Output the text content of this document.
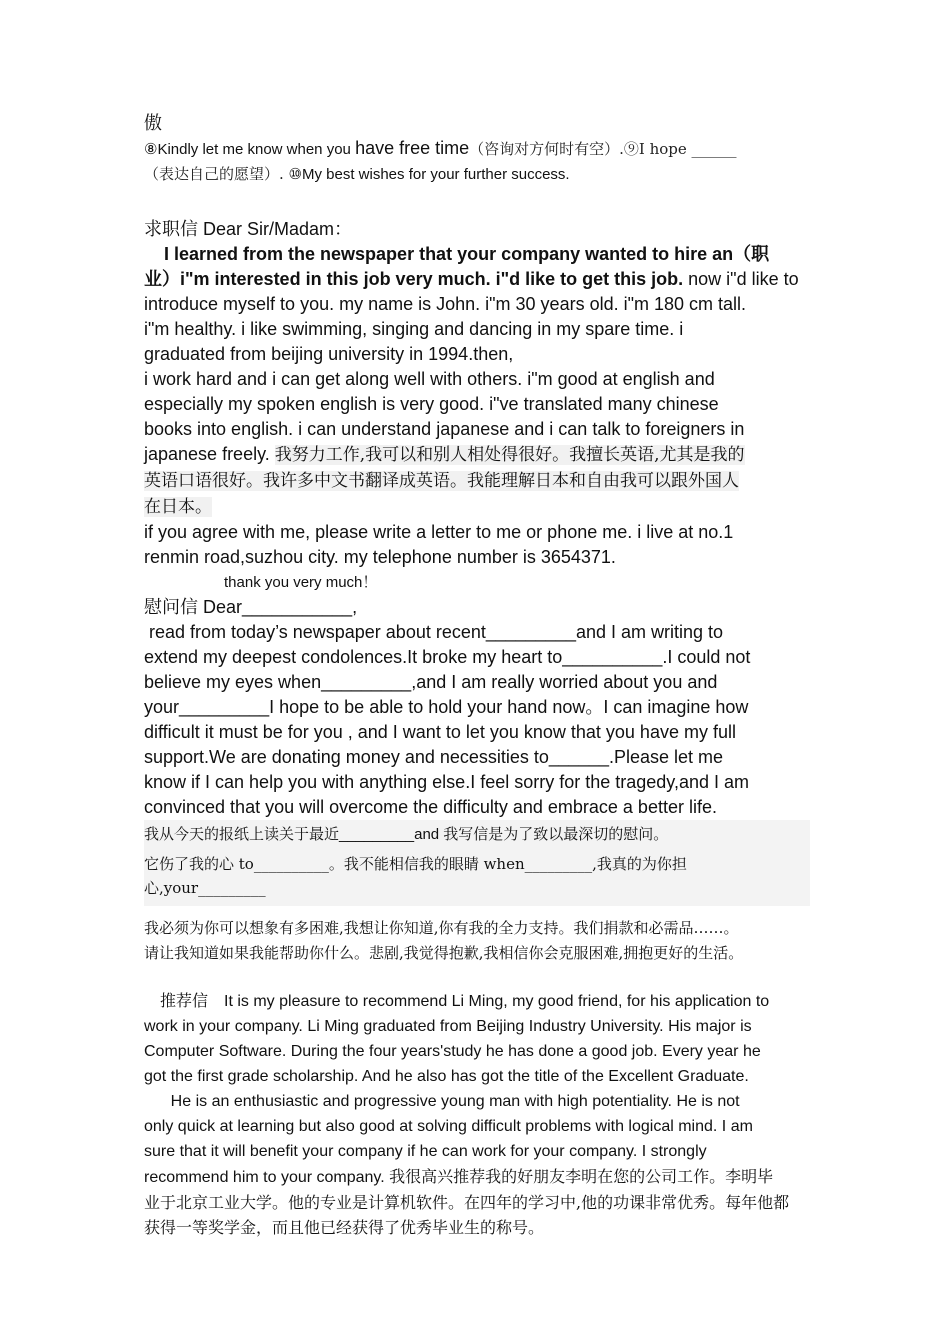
傲
⑧Kindly let me know when you have free time（咨询对方何时有空）.⑨I hope ______
（表达自己的愿望）. ⑩My best wishes for your further success.
求职信 Dear Sir/Madam：
I learned from the newspaper that your company wanted to hire an（职
业）i"m interested in this job very much. i"d like to get this job. now i"d like to
introduce myself to you. my name is John. i"m 30 years old. i"m 180 cm tall.
i"m healthy. i like swimming, singing and dancing in my spare time. i
graduated from beijing university in 1994.then,
i work hard and i can get along well with others. i"m good at english and
especially my spoken english is very good. i"ve translated many chinese
books into english. i can understand japanese and i can talk to foreigners in
japanese freely. 我努力工作,我可以和别人相处得很好。我擅长英语,尤其是我的
英语口语很好。我许多中文书翻译成英语。我能理解日本和自由我可以跟外国人
在日本。
if you agree with me, please write a letter to me or phone me. i live at no.1
renmin road,suzhou city. my telephone number is 3654371.
thank you very much！
慰问信 Dear___________,
read from today’s newspaper about recent_________and I am writing to
extend my deepest condolences.It broke my heart to__________.I could not
believe my eyes when_________,and I am really worried about you and
your_________I hope to be able to hold your hand now。I can imagine how
difficult it must be for you , and I want to let you know that you have my full
support.We are donating money and necessities to______.Please let me
know if I can help you with anything else.I feel sorry for the tragedy,and I am
convinced that you will overcome the difficulty and embrace a better life.
我从今天的报纸上读关于最近_________and 我写信是为了致以最深切的慰问。
它伤了我的心 to__________。我不能相信我的眼睛 when_________,我真的为你担
心,your_________
我必须为你可以想象有多困难,我想让你知道,你有我的全力支持。我们捐款和必需品……。
请让我知道如果我能帮助你什么。悲剧,我觉得抱歉,我相信你会克服困难,拥抱更好的生活。
推荐信 It is my pleasure to recommend Li Ming, my good friend, for his application to
work in your company. Li Ming graduated from Beijing Industry University. His major is
Computer Software. During the four years'study he has done a good job. Every year he
got the first grade scholarship. And he also has got the title of the Excellent Graduate.
He is an enthusiastic and progressive young man with high potentiality. He is not
only quick at learning but also good at solving difficult problems with logical mind. I am
sure that it will benefit your company if he can work for your company. I strongly
recommend him to your company. 我很高兴推荐我的好朋友李明在您的公司工作。李明毕
业于北京工业大学。他的专业是计算机软件。在四年的学习中,他的功课非常优秀。每年他都
获得一等奖学金，而且他已经获得了优秀毕业生的称号。
